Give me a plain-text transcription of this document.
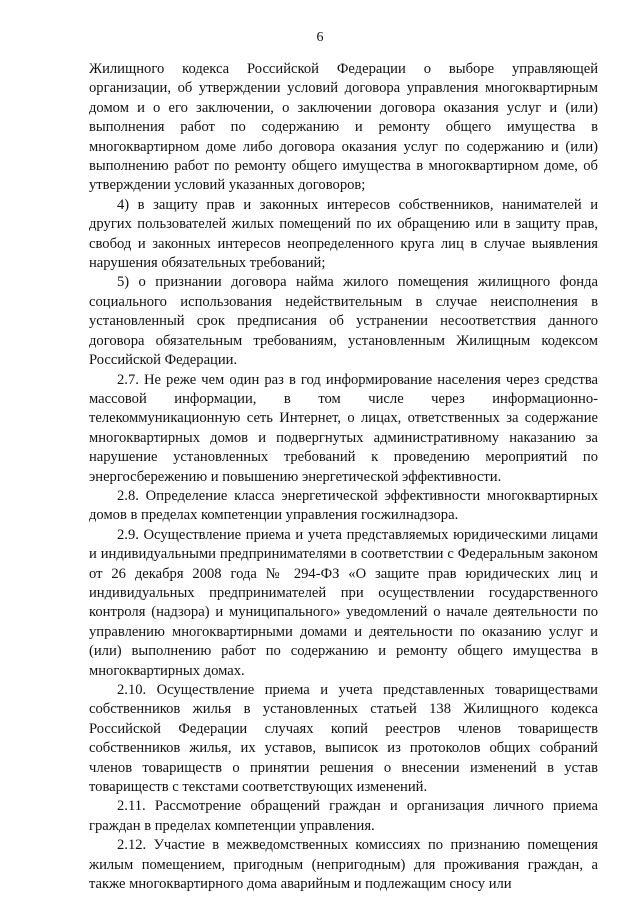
6

Жилищного кодекса Российской Федерации о выборе управляющей организации, об утверждении условий договора управления многоквартирным домом и о его заключении, о заключении договора оказания услуг и (или) выполнения работ по содержанию и ремонту общего имущества в многоквартирном доме либо договора оказания услуг по содержанию и (или) выполнению работ по ремонту общего имущества в многоквартирном доме, об утверждении условий указанных договоров;

4) в защиту прав и законных интересов собственников, нанимателей и других пользователей жилых помещений по их обращению или в защиту прав, свобод и законных интересов неопределенного круга лиц в случае выявления нарушения обязательных требований;

5) о признании договора найма жилого помещения жилищного фонда социального использования недействительным в случае неисполнения в установленный срок предписания об устранении несоответствия данного договора обязательным требованиям, установленным Жилищным кодексом Российской Федерации.

2.7. Не реже чем один раз в год информирование населения через средства массовой информации, в том числе через информационно-телекоммуникационную сеть Интернет, о лицах, ответственных за содержание многоквартирных домов и подвергнутых административному наказанию за нарушение установленных требований к проведению мероприятий по энергосбережению и повышению энергетической эффективности.

2.8. Определение класса энергетической эффективности многоквартирных домов в пределах компетенции управления госжилнадзора.

2.9. Осуществление приема и учета представляемых юридическими лицами и индивидуальными предпринимателями в соответствии с Федеральным законом от 26 декабря 2008 года № 294-ФЗ «О защите прав юридических лиц и индивидуальных предпринимателей при осуществлении государственного контроля (надзора) и муниципального» уведомлений о начале деятельности по управлению многоквартирными домами и деятельности по оказанию услуг и (или) выполнению работ по содержанию и ремонту общего имущества в многоквартирных домах.

2.10. Осуществление приема и учета представленных товариществами собственников жилья в установленных статьей 138 Жилищного кодекса Российской Федерации случаях копий реестров членов товариществ собственников жилья, их уставов, выписок из протоколов общих собраний членов товариществ о принятии решения о внесении изменений в устав товариществ с текстами соответствующих изменений.

2.11. Рассмотрение обращений граждан и организация личного приема граждан в пределах компетенции управления.

2.12. Участие в межведомственных комиссиях по признанию помещения жилым помещением, пригодным (непригодным) для проживания граждан, а также многоквартирного дома аварийным и подлежащим сносу или
